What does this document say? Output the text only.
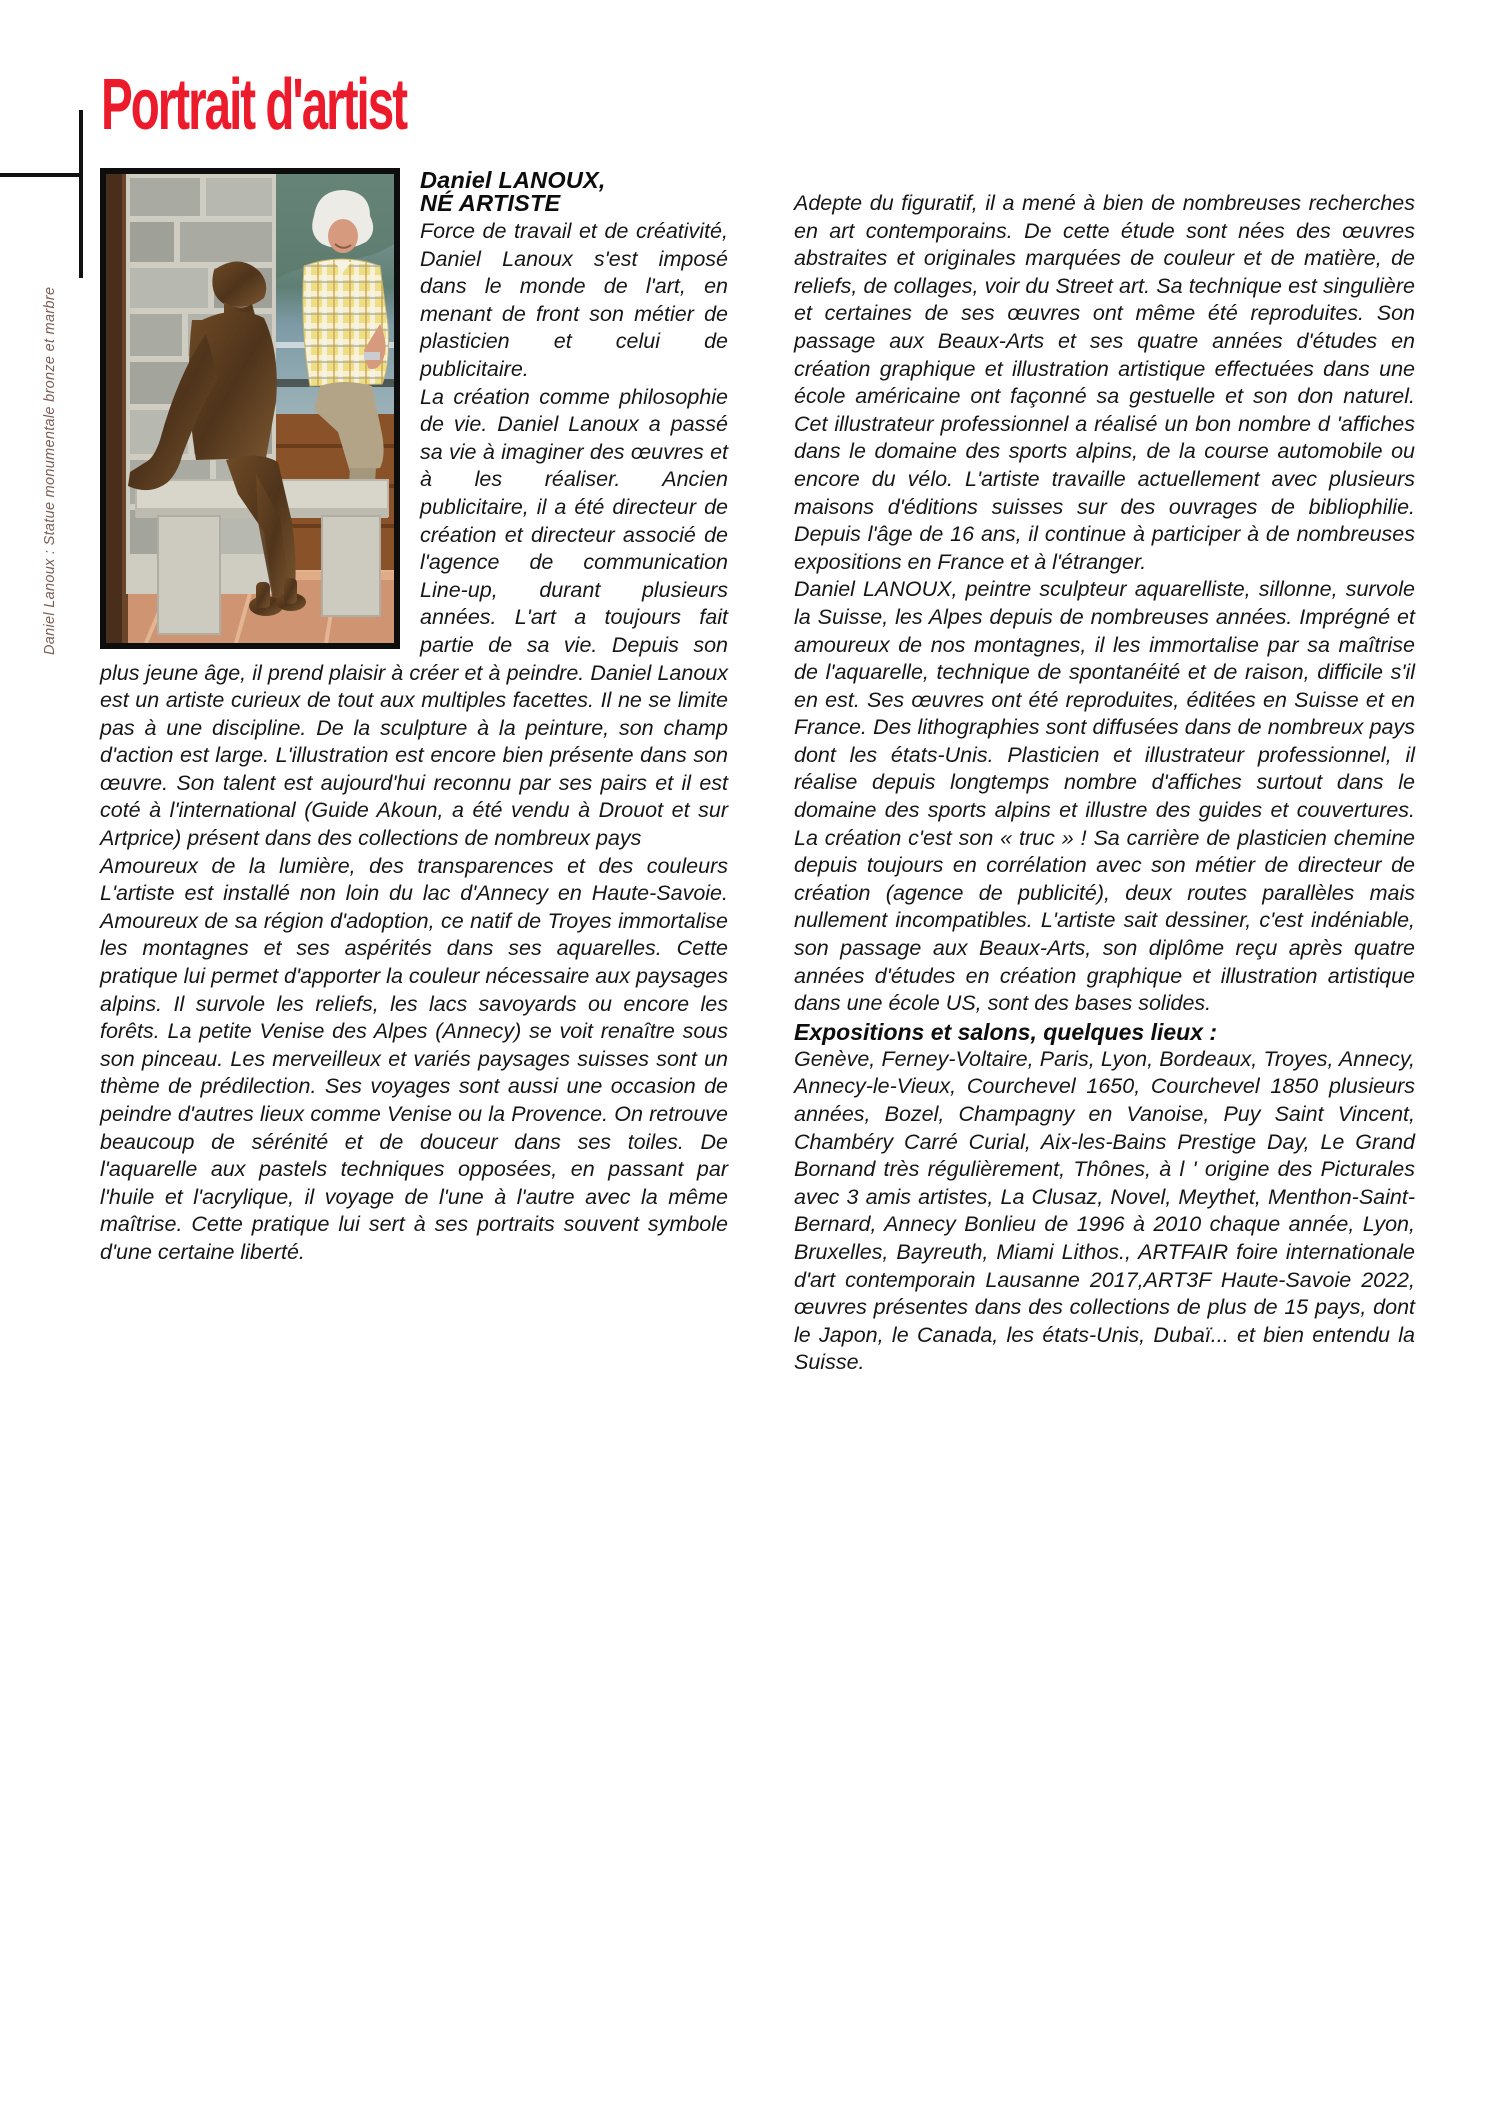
Portrait d'artist
Daniel Lanoux : Statue monumentale bronze et marbre

Daniel LANOUX,

NÉ ARTISTE

Force de travail et de créativité, Daniel Lanoux s'est imposé dans le monde de l'art, en menant de front son métier de plasticien et celui de publicitaire.

La création comme philosophie de vie. Daniel Lanoux a passé sa vie à imaginer des œuvres et à les réaliser. Ancien publicitaire, il a été directeur de création et directeur associé de l'agence de communication Line-up, durant plusieurs années. L'art a toujours fait partie de sa vie. Depuis son plus jeune âge, il prend plaisir à créer et à peindre. Daniel Lanoux est un artiste curieux de tout aux multiples facettes. Il ne se limite pas à une discipline. De la sculpture à la peinture, son champ d'action est large. L'illustration est encore bien présente dans son œuvre. Son talent est aujourd'hui reconnu par ses pairs et il est coté à l'international (Guide Akoun, a été vendu à Drouot et sur Artprice) présent dans des collections de nombreux pays

Amoureux de la lumière, des transparences et des couleurs L'artiste est installé non loin du lac d'Annecy en Haute-Savoie. Amoureux de sa région d'adoption, ce natif de Troyes immortalise les montagnes et ses aspérités dans ses aquarelles. Cette pratique lui permet d'apporter la couleur nécessaire aux paysages alpins. Il survole les reliefs, les lacs savoyards ou encore les forêts. La petite Venise des Alpes (Annecy) se voit renaître sous son pinceau. Les merveilleux et variés paysages suisses sont un thème de prédilection. Ses voyages sont aussi une occasion de peindre d'autres lieux comme Venise ou la Provence. On retrouve beaucoup de sérénité et de douceur dans ses toiles. De l'aquarelle aux pastels techniques opposées, en passant par l'huile et l'acrylique, il voyage de l'une à l'autre avec la même maîtrise. Cette pratique lui sert à ses portraits souvent symbole d'une certaine liberté.

Adepte du figuratif, il a mené à bien de nombreuses recherches en art contemporains. De cette étude sont nées des œuvres abstraites et originales marquées de couleur et de matière, de reliefs, de collages, voir du Street art. Sa technique est singulière et certaines de ses œuvres ont même été reproduites. Son passage aux Beaux-Arts et ses quatre années d'études en création graphique et illustration artistique effectuées dans une école américaine ont façonné sa gestuelle et son don naturel. Cet illustrateur professionnel a réalisé un bon nombre d 'affiches dans le domaine des sports alpins, de la course automobile ou encore du vélo. L'artiste travaille actuellement avec plusieurs maisons d'éditions suisses sur des ouvrages de bibliophilie. Depuis l'âge de 16 ans, il continue à participer à de nombreuses expositions en France et à l'étranger.

Daniel LANOUX, peintre sculpteur aquarelliste, sillonne, survole la Suisse, les Alpes depuis de nombreuses années. Imprégné et amoureux de nos montagnes, il les immortalise par sa maîtrise de l'aquarelle, technique de spontanéité et de raison, difficile s'il en est. Ses œuvres ont été reproduites, éditées en Suisse et en France. Des lithographies sont diffusées dans de nombreux pays dont les états-Unis. Plasticien et illustrateur professionnel, il réalise depuis longtemps nombre d'affiches surtout dans le domaine des sports alpins et illustre des guides et couvertures. La création c'est son « truc » ! Sa carrière de plasticien chemine depuis toujours en corrélation avec son métier de directeur de création (agence de publicité), deux routes parallèles mais nullement incompatibles. L'artiste sait dessiner, c'est indéniable, son passage aux Beaux-Arts, son diplôme reçu après quatre années d'études en création graphique et illustration artistique dans une école US, sont des bases solides.

Expositions et salons, quelques lieux :

Genève, Ferney-Voltaire, Paris, Lyon, Bordeaux, Troyes, Annecy, Annecy-le-Vieux, Courchevel 1650, Courchevel 1850 plusieurs années, Bozel, Champagny en Vanoise, Puy Saint Vincent, Chambéry Carré Curial, Aix-les-Bains Prestige Day, Le Grand Bornand très régulièrement, Thônes, à l ' origine des Picturales avec 3 amis artistes, La Clusaz, Novel, Meythet, Menthon-Saint-Bernard, Annecy Bonlieu de 1996 à 2010 chaque année, Lyon, Bruxelles, Bayreuth, Miami Lithos., ARTFAIR foire internationale d'art contemporain Lausanne 2017,ART3F Haute-Savoie 2022, œuvres présentes dans des collections de plus de 15 pays, dont le Japon, le Canada, les états-Unis, Dubaï... et bien entendu la Suisse.
